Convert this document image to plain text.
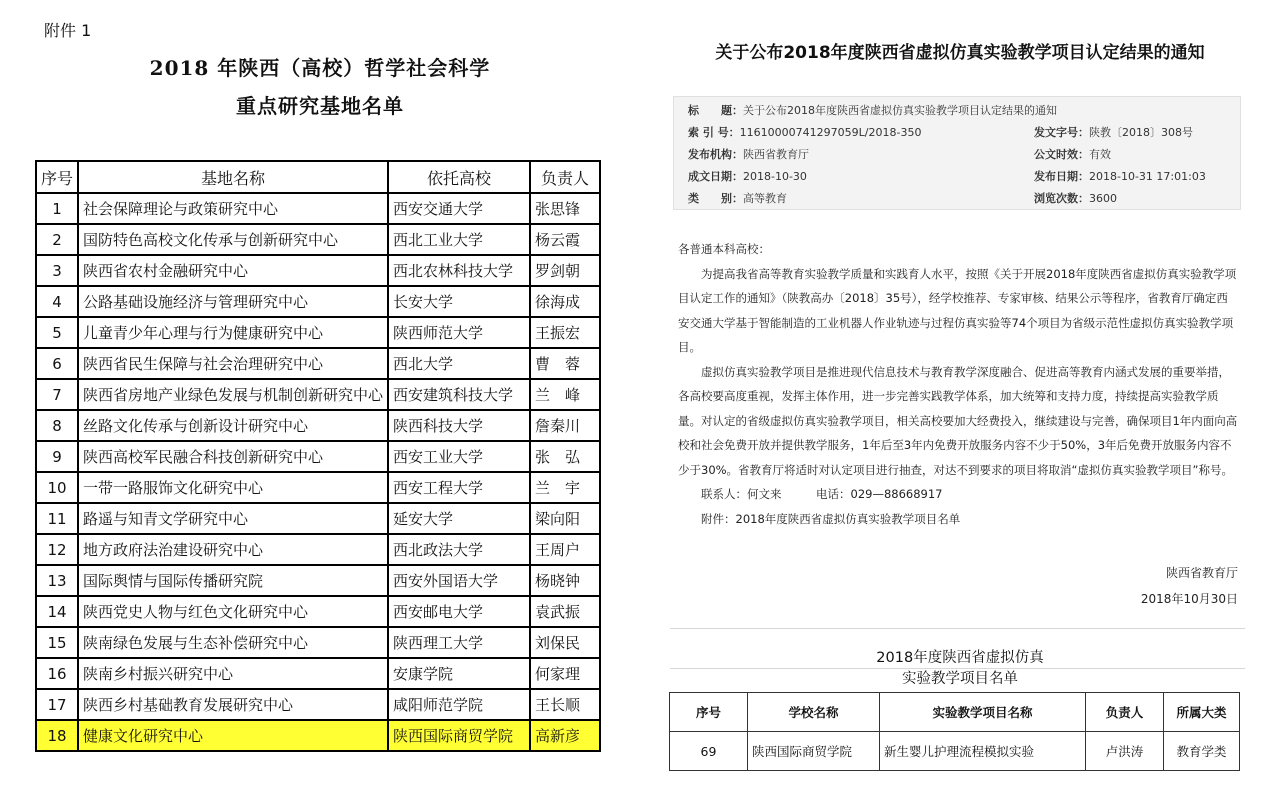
附件 1
2018 年陕西（高校）哲学社会科学
重点研究基地名单
序号	基地名称	依托高校	负责人
1	社会保障理论与政策研究中心	西安交通大学	张思锋
2	国防特色高校文化传承与创新研究中心	西北工业大学	杨云霞
3	陕西省农村金融研究中心	西北农林科技大学	罗剑朝
4	公路基础设施经济与管理研究中心	长安大学	徐海成
5	儿童青少年心理与行为健康研究中心	陕西师范大学	王振宏
6	陕西省民生保障与社会治理研究中心	西北大学	曹　蓉
7	陕西省房地产业绿色发展与机制创新研究中心	西安建筑科技大学	兰　峰
8	丝路文化传承与创新设计研究中心	陕西科技大学	詹秦川
9	陕西高校军民融合科技创新研究中心	西安工业大学	张　弘
10	一带一路服饰文化研究中心	西安工程大学	兰　宇
11	路遥与知青文学研究中心	延安大学	梁向阳
12	地方政府法治建设研究中心	西北政法大学	王周户
13	国际舆情与国际传播研究院	西安外国语大学	杨晓钟
14	陕西党史人物与红色文化研究中心	西安邮电大学	袁武振
15	陕南绿色发展与生态补偿研究中心	陕西理工大学	刘保民
16	陕南乡村振兴研究中心	安康学院	何家理
17	陕西乡村基础教育发展研究中心	咸阳师范学院	王长顺
18	健康文化研究中心	陕西国际商贸学院	高新彦
关于公布2018年度陕西省虚拟仿真实验教学项目认定结果的通知
标　　题：关于公布2018年度陕西省虚拟仿真实验教学项目认定结果的通知
索 引 号：11610000741297059L/2018-350	发文字号：陕教〔2018〕308号
发布机构：陕西省教育厅	公文时效：有效
成文日期：2018-10-30	发布日期：2018-10-31 17:01:03
类　　别：高等教育	浏览次数：3600

各普通本科高校：

为提高我省高等教育实验教学质量和实践育人水平，按照《关于开展2018年度陕西省虚拟仿真实验教学项目认定工作的通知》（陕教高办〔2018〕35号），经学校推荐、专家审核、结果公示等程序，省教育厅确定西安交通大学基于智能制造的工业机器人作业轨迹与过程仿真实验等74个项目为省级示范性虚拟仿真实验教学项目。

虚拟仿真实验教学项目是推进现代信息技术与教育教学深度融合、促进高等教育内涵式发展的重要举措，各高校要高度重视，发挥主体作用，进一步完善实践教学体系，加大统筹和支持力度，持续提高实验教学质量。对认定的省级虚拟仿真实验教学项目，相关高校要加大经费投入，继续建设与完善，确保项目1年内面向高校和社会免费开放并提供教学服务，1年后至3年内免费开放服务内容不少于50%，3年后免费开放服务内容不少于30%。省教育厅将适时对认定项目进行抽查，对达不到要求的项目将取消“虚拟仿真实验教学项目”称号。

联系人：何文来　　　电话：029—88668917

附件：2018年度陕西省虚拟仿真实验教学项目名单

陕西省教育厅
2018年10月30日
2018年度陕西省虚拟仿真
实验教学项目名单
序号	学校名称	实验教学项目名称	负责人	所属大类
69	陕西国际商贸学院	新生婴儿护理流程模拟实验	卢洪涛	教育学类
